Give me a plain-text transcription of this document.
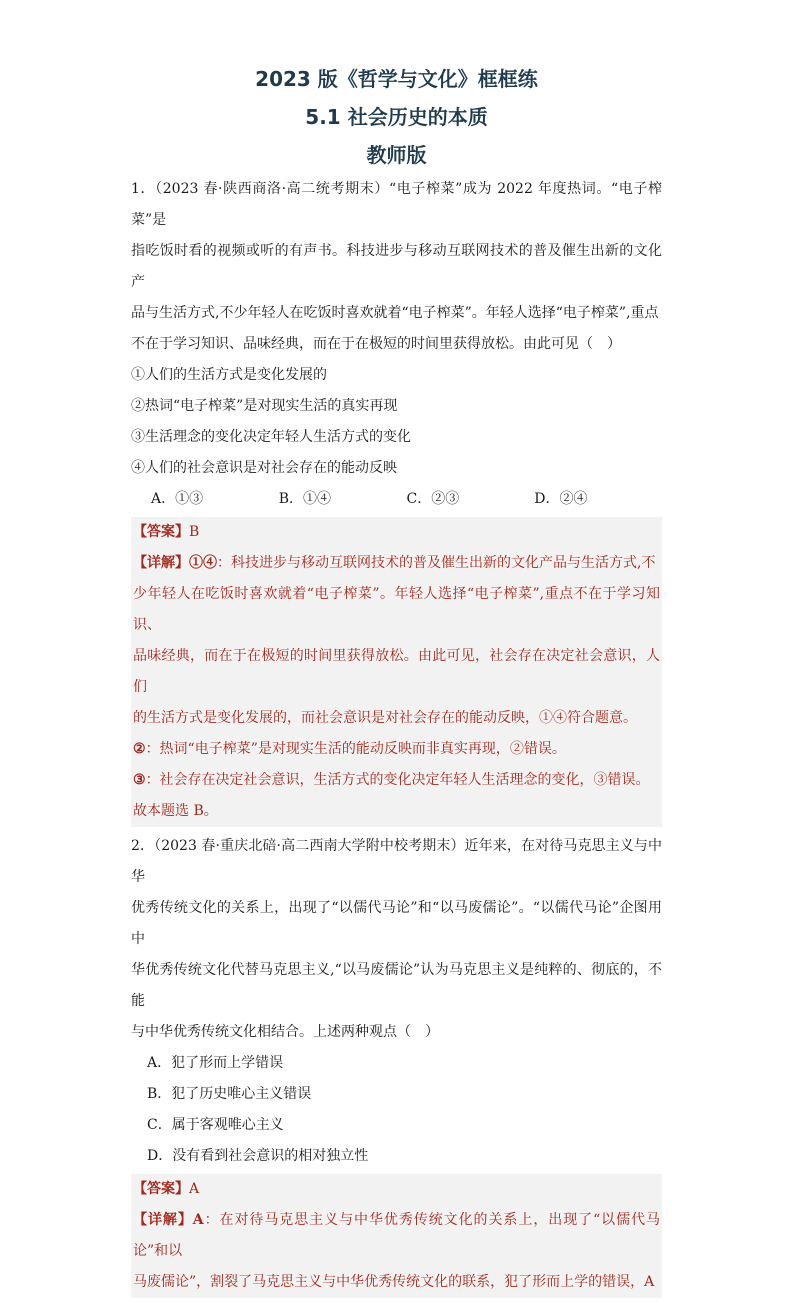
2023 版《哲学与文化》框框练
5.1 社会历史的本质
教师版

1．（2023 春·陕西商洛·高二统考期末）“电子榨菜”成为 2022 年度热词。“电子榨菜”是

指吃饭时看的视频或听的有声书。科技进步与移动互联网技术的普及催生出新的文化产

品与生活方式,不少年轻人在吃饭时喜欢就着“电子榨菜”。年轻人选择“电子榨菜”,重点

不在于学习知识、品味经典，而在于在极短的时间里获得放松。由此可见（　）

①人们的生活方式是变化发展的

②热词“电子榨菜”是对现实生活的真实再现

③生活理念的变化决定年轻人生活方式的变化

④人们的社会意识是对社会存在的能动反映

A．①③	B．①④	C．②③	D．②④

【答案】B

【详解】①④：科技进步与移动互联网技术的普及催生出新的文化产品与生活方式,不

少年轻人在吃饭时喜欢就着“电子榨菜”。年轻人选择“电子榨菜”,重点不在于学习知识、

品味经典，而在于在极短的时间里获得放松。由此可见，社会存在决定社会意识，人们

的生活方式是变化发展的，而社会意识是对社会存在的能动反映，①④符合题意。

②：热词“电子榨菜”是对现实生活的能动反映而非真实再现，②错误。

③：社会存在决定社会意识，生活方式的变化决定年轻人生活理念的变化，③错误。

故本题选 B。

2．（2023 春·重庆北碚·高二西南大学附中校考期末）近年来，在对待马克思主义与中华

优秀传统文化的关系上，出现了“以儒代马论”和“以马废儒论”。“以儒代马论”企图用中

华优秀传统文化代替马克思主义,“以马废儒论”认为马克思主义是纯粹的、彻底的，不能

与中华优秀传统文化相结合。上述两种观点（　）

A．犯了形而上学错误

B．犯了历史唯心主义错误

C．属于客观唯心主义

D．没有看到社会意识的相对独立性

【答案】A

【详解】A：在对待马克思主义与中华优秀传统文化的关系上，出现了“以儒代马论”和以

马废儒论”，割裂了马克思主义与中华优秀传统文化的联系，犯了形而上学的错误，A
